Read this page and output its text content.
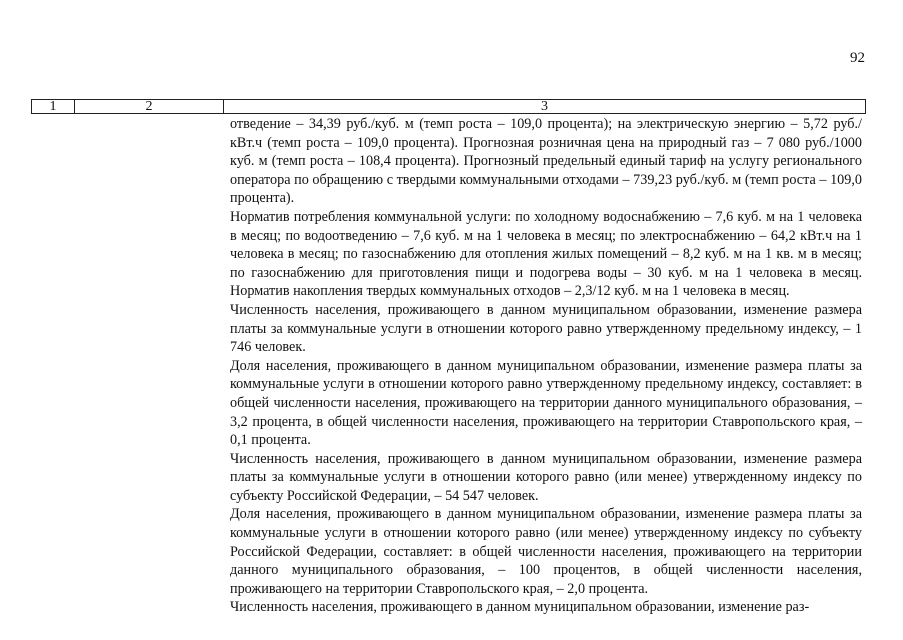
92
1	2	3

отведение – 34,39 руб./куб. м (темп роста – 109,0 процента); на электрическую энергию – 5,72 руб./кВт.ч (темп роста – 109,0 процента). Прогнозная розничная цена на природный газ – 7 080 руб./1000 куб. м (темп роста – 108,4 процента). Прогнозный предельный единый тариф на услугу регионального оператора по обращению с твердыми коммунальными отходами – 739,23 руб./куб. м (темп роста – 109,0 процента).

Норматив потребления коммунальной услуги: по холодному водоснабжению – 7,6 куб. м на 1 человека в месяц; по водоотведению – 7,6 куб. м на 1 человека в месяц; по электроснабжению – 64,2 кВт.ч на 1 человека в месяц; по газоснабжению для отопления жилых помещений – 8,2 куб. м на 1 кв. м в месяц; по газоснабжению для приготовления пищи и подогрева воды – 30 куб. м на 1 человека в месяц. Норматив накопления твердых коммунальных отходов – 2,3/12 куб. м на 1 человека в месяц.

Численность населения, проживающего в данном муниципальном образовании, изменение размера платы за коммунальные услуги в отношении которого равно утвержденному предельному индексу, – 1 746 человек.

Доля населения, проживающего в данном муниципальном образовании, изменение размера платы за коммунальные услуги в отношении которого равно утвержденному предельному индексу, составляет: в общей численности населения, проживающего на территории данного муниципального образования, – 3,2 процента, в общей численности населения, проживающего на территории Ставропольского края, – 0,1 процента.

Численность населения, проживающего в данном муниципальном образовании, изменение размера платы за коммунальные услуги в отношении которого равно (или менее) утвержденному индексу по субъекту Российской Федерации, – 54 547 человек.

Доля населения, проживающего в данном муниципальном образовании, изменение размера платы за коммунальные услуги в отношении которого равно (или менее) утвержденному индексу по субъекту Российской Федерации, составляет: в общей численности населения, проживающего на территории данного муниципального образования, – 100 процентов, в общей численности населения, проживающего на территории Ставропольского края, – 2,0 процента.

Численность населения, проживающего в данном муниципальном образовании, изменение раз-
